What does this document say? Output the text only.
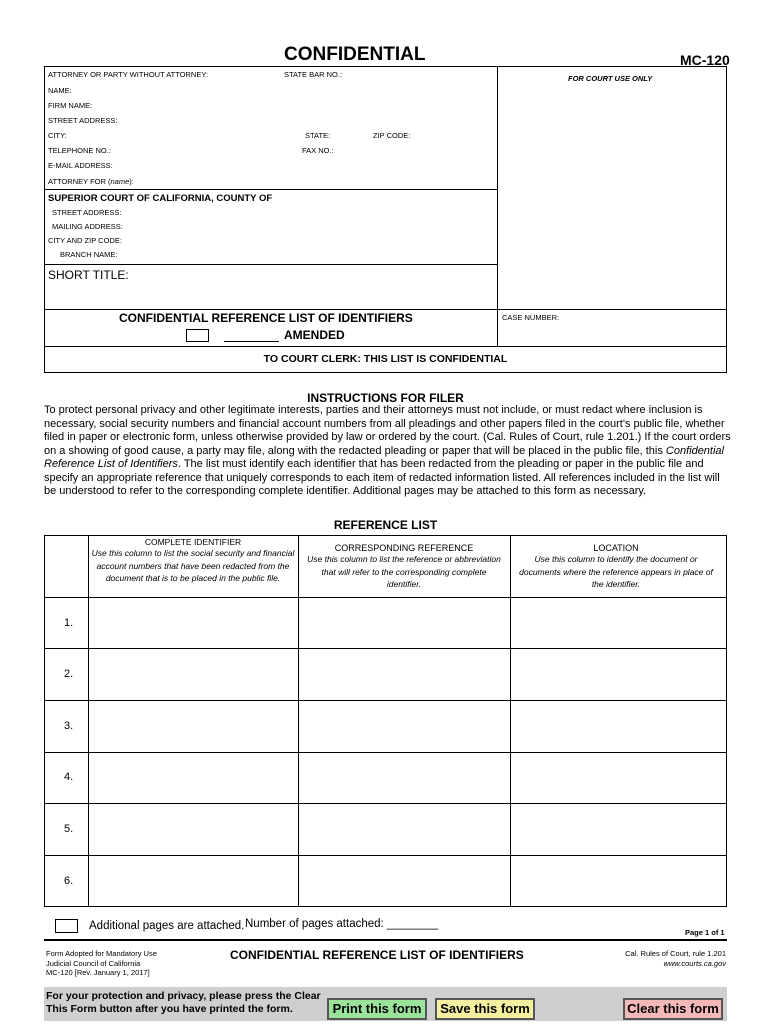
CONFIDENTIAL	MC-120
FOR COURT USE ONLY
ATTORNEY OR PARTY WITHOUT ATTORNEY:	STATE BAR NO.:
NAME:
FIRM NAME:
STREET ADDRESS:
CITY:	STATE:	ZIP CODE:
TELEPHONE NO.:	FAX NO.:
E-MAIL ADDRESS:
ATTORNEY FOR (name):
SUPERIOR COURT OF CALIFORNIA, COUNTY OF
STREET ADDRESS:
MAILING ADDRESS:
CITY AND ZIP CODE:
BRANCH NAME:
SHORT TITLE:
CONFIDENTIAL REFERENCE LIST OF IDENTIFIERS
AMENDED
CASE NUMBER:
TO COURT CLERK: THIS LIST IS CONFIDENTIAL
INSTRUCTIONS FOR FILER
To protect personal privacy and other legitimate interests, parties and their attorneys must not include, or must redact where inclusion is necessary, social security numbers and financial account numbers from all pleadings and other papers filed in the court's public file, whether filed in paper or electronic form, unless otherwise provided by law or ordered by the court. (Cal. Rules of Court, rule 1.201.) If the court orders on a showing of good cause, a party may file, along with the redacted pleading or paper that will be placed in the public file, this Confidential Reference List of Identifiers. The list must identify each identifier that has been redacted from the pleading or paper in the public file and specify an appropriate reference that uniquely corresponds to each item of redacted information listed. All references included in the list will be understood to refer to the corresponding complete identifier. Additional pages may be attached to this form as necessary.
REFERENCE LIST
COMPLETE IDENTIFIER
Use this column to list the social security and financial account numbers that have been redacted from the document that is to be placed in the public file.
CORRESPONDING REFERENCE
Use this column to list the reference or abbreviation that will refer to the corresponding complete identifier.
LOCATION
Use this column to identify the document or documents where the reference appears in place of the identifier.
1.
2.
3.
4.
5.
6.
Additional pages are attached. Number of pages attached: ________
Page 1 of 1
Form Adopted for Mandatory Use
Judicial Council of California
MC-120 [Rev. January 1, 2017]
CONFIDENTIAL REFERENCE LIST OF IDENTIFIERS	Cal. Rules of Court, rule 1.201
www.courts.ca.gov
For your protection and privacy, please press the Clear
This Form button after you have printed the form.	Print this form	Save this form	Clear this form
